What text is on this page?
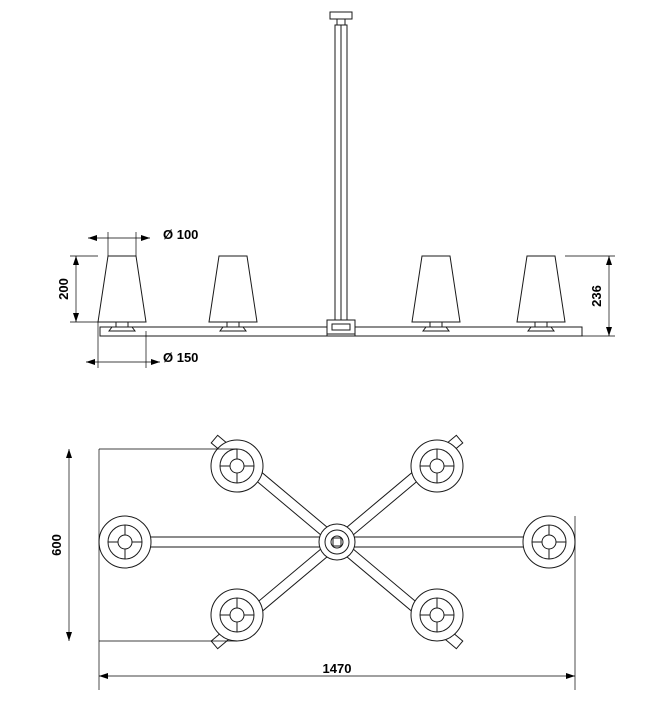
Ø 100
Ø 150
200	236
600
1470
